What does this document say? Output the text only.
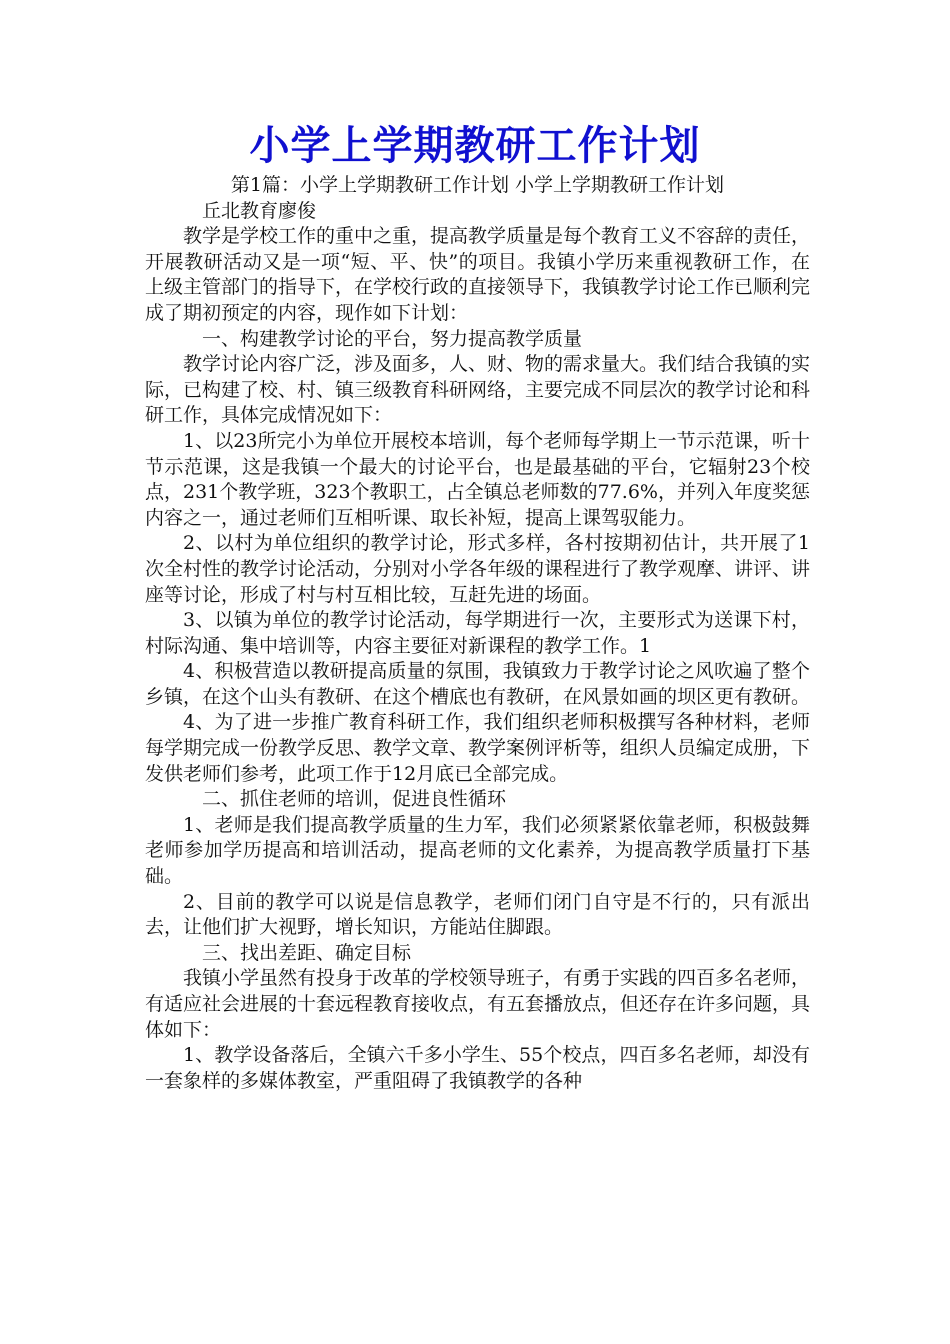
小学上学期教研工作计划

第1篇：小学上学期教研工作计划 小学上学期教研工作计划

丘北教育廖俊

教学是学校工作的重中之重，提高教学质量是每个教育工义不容辞的责任，开展教研活动又是一项“短、平、快”的项目。我镇小学历来重视教研工作，在上级主管部门的指导下，在学校行政的直接领导下，我镇教学讨论工作已顺利完成了期初预定的内容，现作如下计划：

一、构建教学讨论的平台，努力提高教学质量

教学讨论内容广泛，涉及面多，人、财、物的需求量大。我们结合我镇的实际，已构建了校、村、镇三级教育科研网络，主要完成不同层次的教学讨论和科研工作，具体完成情况如下：

1、以23所完小为单位开展校本培训，每个老师每学期上一节示范课，听十节示范课，这是我镇一个最大的讨论平台，也是最基础的平台，它辐射23个校点，231个教学班，323个教职工，占全镇总老师数的77.6%，并列入年度奖惩内容之一，通过老师们互相听课、取长补短，提高上课驾驭能力。

2、以村为单位组织的教学讨论，形式多样，各村按期初估计，共开展了1次全村性的教学讨论活动，分别对小学各年级的课程进行了教学观摩、讲评、讲座等讨论，形成了村与村互相比较，互赶先进的场面。

3、以镇为单位的教学讨论活动，每学期进行一次，主要形式为送课下村，村际沟通、集中培训等，内容主要征对新课程的教学工作。1

4、积极营造以教研提高质量的氛围，我镇致力于教学讨论之风吹遍了整个乡镇，在这个山头有教研、在这个槽底也有教研，在风景如画的坝区更有教研。

4、为了进一步推广教育科研工作，我们组织老师积极撰写各种材料，老师每学期完成一份教学反思、教学文章、教学案例评析等，组织人员编定成册，下发供老师们参考，此项工作于12月底已全部完成。

二、抓住老师的培训，促进良性循环

1、老师是我们提高教学质量的生力军，我们必须紧紧依靠老师，积极鼓舞老师参加学历提高和培训活动，提高老师的文化素养，为提高教学质量打下基础。

2、目前的教学可以说是信息教学，老师们闭门自守是不行的，只有派出去，让他们扩大视野，增长知识，方能站住脚跟。

三、找出差距、确定目标

我镇小学虽然有投身于改革的学校领导班子，有勇于实践的四百多名老师，有适应社会进展的十套远程教育接收点，有五套播放点，但还存在许多问题，具体如下：

1、教学设备落后，全镇六千多小学生、55个校点，四百多名老师，却没有一套象样的多媒体教室，严重阻碍了我镇教学的各种
